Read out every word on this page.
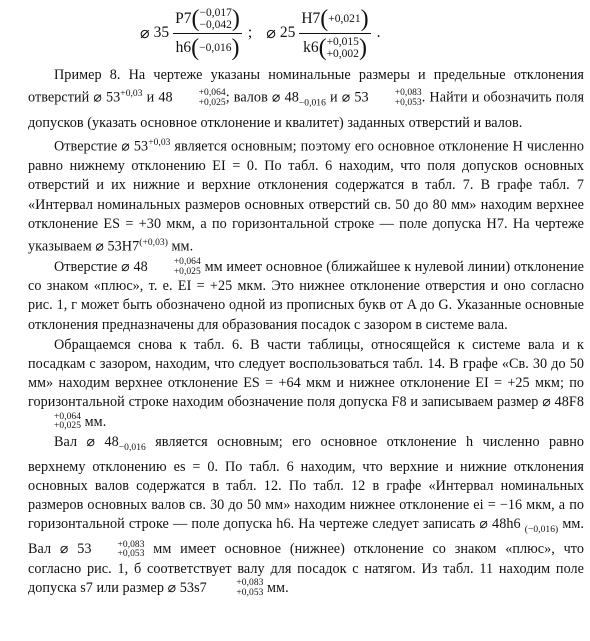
⌀ 35
P7 ( −0,017
−0,042 )
h6 ( −0,016 )
; ⌀ 25
H7 ( +0,021 )
k6 ( +0,015
+0,002 )
.

Пример 8. На чертеже указаны номинальные размеры и предельные отклонения отверстий ⌀ $53^{+0,03}$ и 48	+0,064
+0,025 ; валов ⌀ $48_{-0,016}$ и ⌀ 53	+0,083
+0,053 . Найти и обозначить поля допусков (указать основное отклонение и квалитет) заданных отверстий и валов.

Отверстие ⌀ $53^{+0,03}$ является основным; поэтому его основное отклонение H численно равно нижнему отклонению EI = 0. По табл. 6 находим, что поля допусков основных отверстий и их нижние и верхние отклонения содержатся в табл. 7. В графе табл. 7 «Интервал номинальных размеров основных отверстий св. 50 до 80 мм» находим верхнее отклонение ES = +30 мкм, а по горизонтальной строке — поле допуска H7. На чертеже указываем ⌀ $53H7^{(+0,03)}$ мм.

Отверстие ⌀ 48	+0,064
+0,025 мм имеет основное (ближайшее к нулевой линии) отклонение со знаком «плюс», т. е. EI = +25 мкм. Это нижнее отклонение отверстия и оно согласно рис. 1, г может быть обозначено одной из прописных букв от A до G. Указанные основные отклонения предназначены для образования посадок с зазором в системе вала.

Обращаемся снова к табл. 6. В части таблицы, относящейся к системе вала и к посадкам с зазором, находим, что следует воспользоваться табл. 14. В графе «Св. 30 до 50 мм» находим верхнее отклонение ES = +64 мкм и нижнее отклонение EI = +25 мкм; по горизонтальной строке находим обозначение поля допуска F8 и записываем размер ⌀ 48F8
+0,064
+0,025 мм.

Вал ⌀ $48_{-0,016}$ является основным; его основное отклонение h численно равно верхнему отклонению es = 0. По табл. 6 находим, что верхние и нижние отклонения основных валов содержатся в табл. 12. По табл. 12 в графе «Интервал номинальных размеров основных валов св. 30 до 50 мм» находим нижнее отклонение ei = −16 мкм, а по горизонтальной строке — поле допуска h6. На чертеже следует записать ⌀ 48h6 $_{(-0,016)}$ мм. Вал ⌀ 53	+0,083
+0,053 мм имеет основное (нижнее) отклонение со знаком «плюс», что согласно рис. 1, б соответствует валу для посадок с натягом. Из табл. 11 находим поле допуска s7 или размер ⌀ 53s7	+0,083
+0,053 мм.
